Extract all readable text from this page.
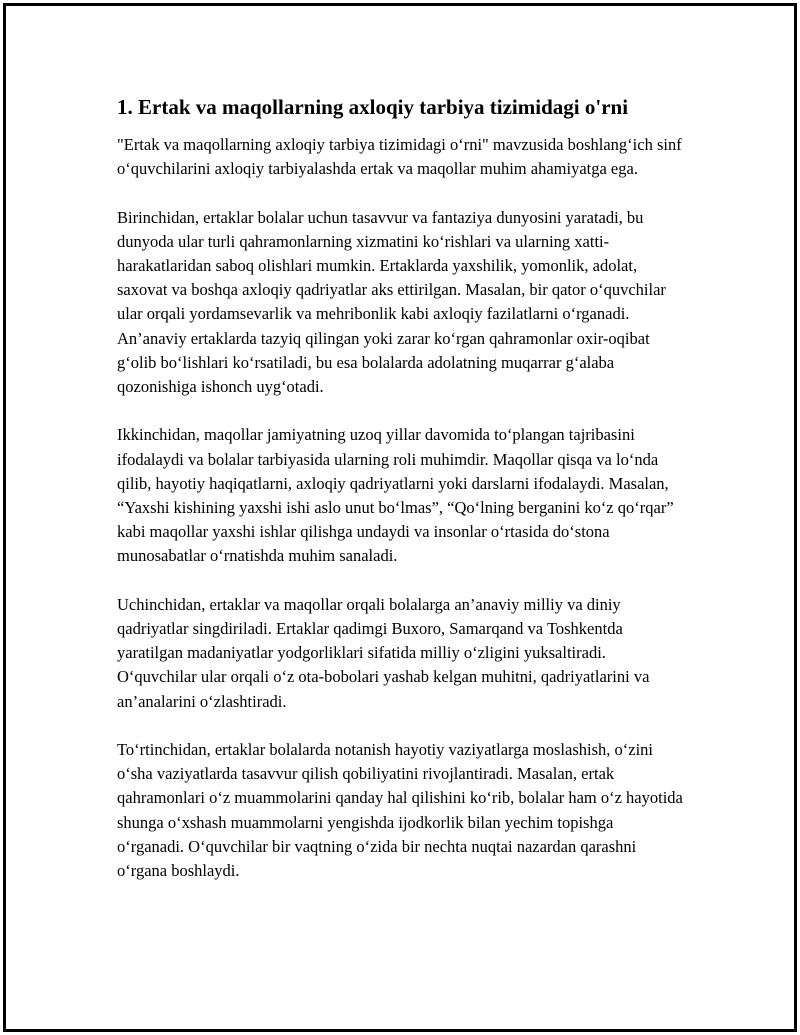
1. Ertak va maqollarning axloqiy tarbiya tizimidagi o'rni

"Ertak va maqollarning axloqiy tarbiya tizimidagi o‘rni" mavzusida boshlang‘ich sinf o‘quvchilarini axloqiy tarbiyalashda ertak va maqollar muhim ahamiyatga ega.

Birinchidan, ertaklar bolalar uchun tasavvur va fantaziya dunyosini yaratadi, bu dunyoda ular turli qahramonlarning xizmatini ko‘rishlari va ularning xatti-harakatlaridan saboq olishlari mumkin. Ertaklarda yaxshilik, yomonlik, adolat, saxovat va boshqa axloqiy qadriyatlar aks ettirilgan. Masalan, bir qator o‘quvchilar ular orqali yordamsevarlik va mehribonlik kabi axloqiy fazilatlarni o‘rganadi. An’anaviy ertaklarda tazyiq qilingan yoki zarar ko‘rgan qahramonlar oxir-oqibat g‘olib bo‘lishlari ko‘rsatiladi, bu esa bolalarda adolatning muqarrar g‘alaba qozonishiga ishonch uyg‘otadi.

Ikkinchidan, maqollar jamiyatning uzoq yillar davomida to‘plangan tajribasini ifodalaydi va bolalar tarbiyasida ularning roli muhimdir. Maqollar qisqa va lo‘nda qilib, hayotiy haqiqatlarni, axloqiy qadriyatlarni yoki darslarni ifodalaydi. Masalan, “Yaxshi kishining yaxshi ishi aslo unut bo‘lmas”, “Qo‘lning berganini ko‘z qo‘rqar” kabi maqollar yaxshi ishlar qilishga undaydi va insonlar o‘rtasida do‘stona munosabatlar o‘rnatishda muhim sanaladi.

Uchinchidan, ertaklar va maqollar orqali bolalarga an’anaviy milliy va diniy qadriyatlar singdiriladi. Ertaklar qadimgi Buxoro, Samarqand va Toshkentda yaratilgan madaniyatlar yodgorliklari sifatida milliy o‘zligini yuksaltiradi. O‘quvchilar ular orqali o‘z ota-bobolari yashab kelgan muhitni, qadriyatlarini va an’analarini o‘zlashtiradi.

To‘rtinchidan, ertaklar bolalarda notanish hayotiy vaziyatlarga moslashish, o‘zini o‘sha vaziyatlarda tasavvur qilish qobiliyatini rivojlantiradi. Masalan, ertak qahramonlari o‘z muammolarini qanday hal qilishini ko‘rib, bolalar ham o‘z hayotida shunga o‘xshash muammolarni yengishda ijodkorlik bilan yechim topishga o‘rganadi. O‘quvchilar bir vaqtning o‘zida bir nechta nuqtai nazardan qarashni o‘rgana boshlaydi.
